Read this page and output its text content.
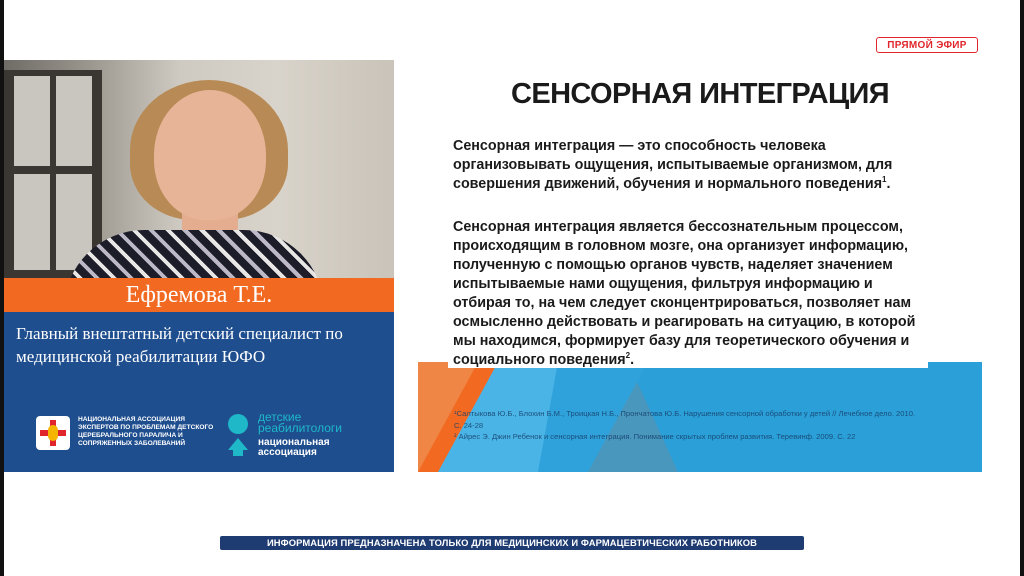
ПРЯМОЙ ЭФИР
Ефремова Т.Е.
Главный внештатный детский специалист по медицинской реабилитации ЮФО
НАЦИОНАЛЬНАЯ АССОЦИАЦИЯ ЭКСПЕРТОВ ПО ПРОБЛЕМАМ ДЕТСКОГО ЦЕРЕБРАЛЬНОГО ПАРАЛИЧА И СОПРЯЖЕННЫХ ЗАБОЛЕВАНИЙ
детские реабилитологи
национальная ассоциация
СЕНСОРНАЯ ИНТЕГРАЦИЯ
Сенсорная интеграция — это способность человека организовывать ощущения, испытываемые организмом, для совершения движений, обучения и нормального поведения$^1$.
Сенсорная интеграция является бессознательным процессом, происходящим в головном мозге, она организует информацию, полученную с помощью органов чувств, наделяет значением испытываемые нами ощущения, фильтруя информацию и отбирая то, на чем следует сконцентрироваться, позволяет нам осмысленно действовать и реагировать на ситуацию, в которой мы находимся, формирует базу для теоретического обучения и социального поведения$^2$.
¹Салтыкова Ю.Б., Блохин Б.М., Троицкая Н.Б., Прончатова Ю.Б. Нарушения сенсорной обработки у детей // Лечебное дело. 2010. С. 24-28
² Айрес Э. Джин Ребенок и сенсорная интеграция. Понимание скрытых проблем развития. Теревинф. 2009. С. 22
ИНФОРМАЦИЯ ПРЕДНАЗНАЧЕНА ТОЛЬКО ДЛЯ МЕДИЦИНСКИХ И ФАРМАЦЕВТИЧЕСКИХ РАБОТНИКОВ
